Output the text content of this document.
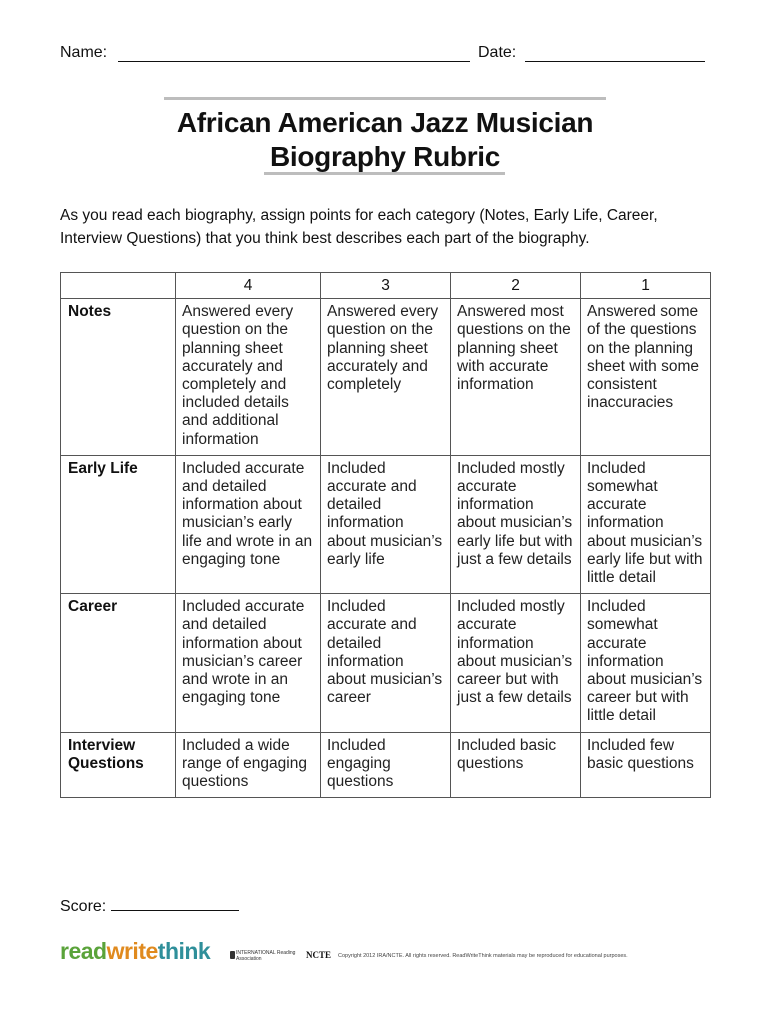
Name:	Date:
African American Jazz Musician
Biography Rubric
As you read each biography, assign points for each category (Notes, Early Life, Career, Interview Questions) that you think best describes each part of the biography.
	4	3	2	1
Notes	Answered every question on the planning sheet accurately and completely and included details and additional information	Answered every question on the planning sheet accurately and completely	Answered most questions on the planning sheet with accurate information	Answered some of the questions on the planning sheet with some consistent inaccuracies
Early Life	Included accurate and detailed information about musician’s early life and wrote in an engaging tone	Included accurate and detailed information about musician’s early life	Included mostly accurate information about musician’s early life but with just a few details	Included somewhat accurate information about musician’s early life but with little detail
Career	Included accurate and detailed information about musician’s career and wrote in an engaging tone	Included accurate and detailed information about musician’s career	Included mostly accurate information about musician’s career but with just a few details	Included somewhat accurate information about musician’s career but with little detail
Interview Questions	Included a wide range of engaging questions	Included engaging questions	Included basic questions	Included few basic questions
Score:
readwritethink	INTERNATIONAL Reading Association	NCTE Copyright 2012 IRA/NCTE. All rights reserved. ReadWriteThink materials may be reproduced for educational purposes.
